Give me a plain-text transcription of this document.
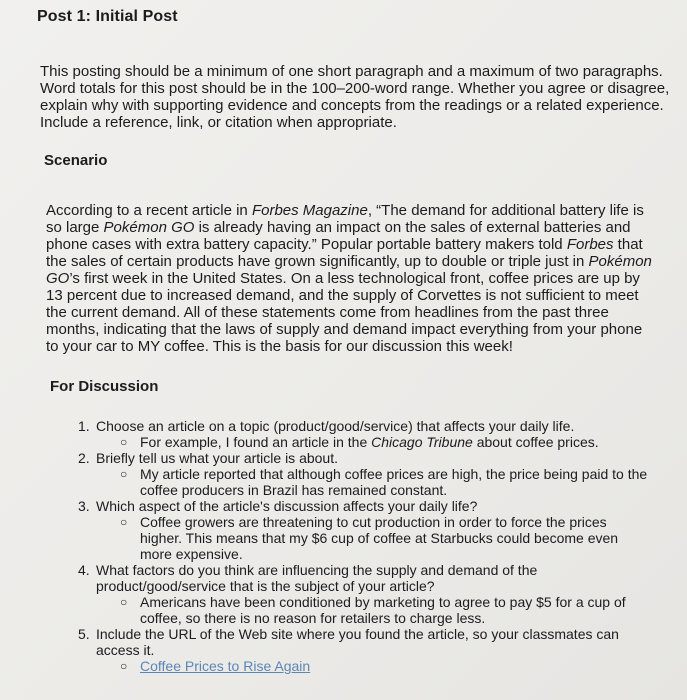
Post 1: Initial Post

This posting should be a minimum of one short paragraph and a maximum of two paragraphs. Word totals for this post should be in the 100–200-word range. Whether you agree or disagree, explain why with supporting evidence and concepts from the readings or a related experience. Include a reference, link, or citation when appropriate.

Scenario

According to a recent article in Forbes Magazine, “The demand for additional battery life is so large Pokémon GO is already having an impact on the sales of external batteries and phone cases with extra battery capacity.” Popular portable battery makers told Forbes that the sales of certain products have grown significantly, up to double or triple just in Pokémon GO’s first week in the United States. On a less technological front, coffee prices are up by 13 percent due to increased demand, and the supply of Corvettes is not sufficient to meet the current demand. All of these statements come from headlines from the past three months, indicating that the laws of supply and demand impact everything from your phone to your car to MY coffee. This is the basis for our discussion this week!

For Discussion
1. Choose an article on a topic (product/good/service) that affects your daily life.
○ For example, I found an article in the Chicago Tribune about coffee prices.
2. Briefly tell us what your article is about.
○ My article reported that although coffee prices are high, the price being paid to the coffee producers in Brazil has remained constant.
3. Which aspect of the article's discussion affects your daily life?
○ Coffee growers are threatening to cut production in order to force the prices higher. This means that my $6 cup of coffee at Starbucks could become even more expensive.
4. What factors do you think are influencing the supply and demand of the product/good/service that is the subject of your article?
○ Americans have been conditioned by marketing to agree to pay $5 for a cup of coffee, so there is no reason for retailers to charge less.
5. Include the URL of the Web site where you found the article, so your classmates can access it.
○ Coffee Prices to Rise Again
